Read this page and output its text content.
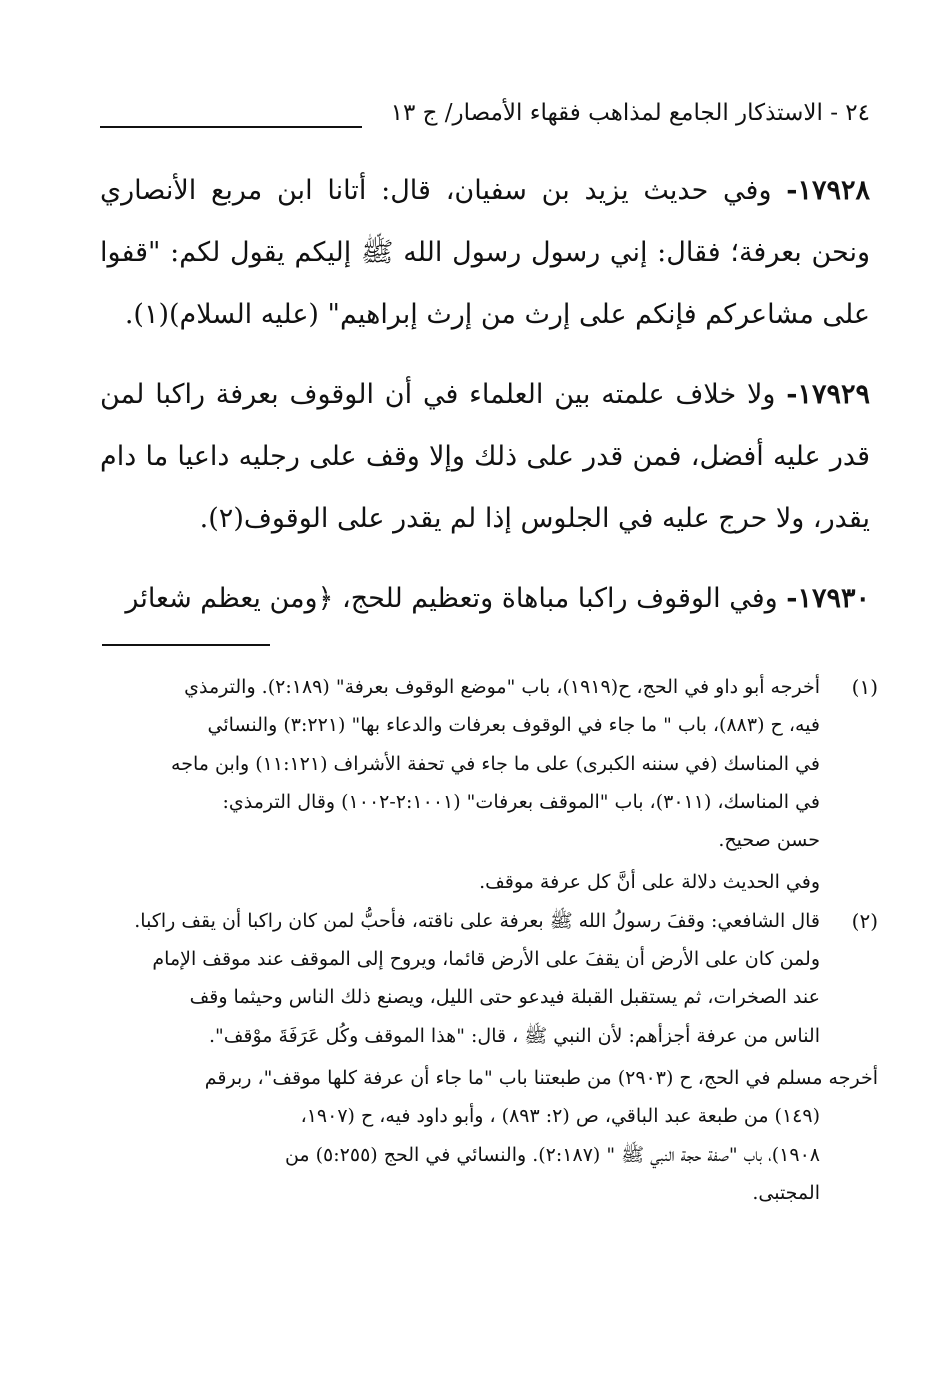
٢٤ - الاستذكار الجامع لمذاهب فقهاء الأمصار/ ج ١٣

١٧٩٢٨- وفي حديث يزيد بن سفيان، قال: أتانا ابن مربع الأنصاري ونحن بعرفة؛ فقال: إني رسول رسول الله ﷺ إليكم يقول لكم: "قفوا على مشاعركم فإنكم على إرث من إرث إبراهيم" (عليه السلام)(١).

١٧٩٢٩- ولا خلاف علمته بين العلماء في أن الوقوف بعرفة راكبا لمن قدر عليه أفضل، فمن قدر على ذلك وإلا وقف على رجليه داعيا ما دام يقدر، ولا حرج عليه في الجلوس إذا لم يقدر على الوقوف(٢).

١٧٩٣٠- وفي الوقوف راكبا مباهاة وتعظيم للحج، ﴿ومن يعظم شعائر

(١)
أخرجه أبو داو في الحج، ح(١٩١٩)، باب "موضع الوقوف بعرفة" (٢:١٨٩). والترمذي
فيه، ح (٨٨٣)، باب " ما جاء في الوقوف بعرفات والدعاء بها" (٣:٢٢١) والنسائي
في المناسك (في سننه الكبرى) على ما جاء في تحفة الأشراف (١١:١٢١) وابن ماجه
في المناسك، (٣٠١١)، باب "الموقف بعرفات" (٢:١٠٠١-١٠٠٢) وقال الترمذي:
حسن صحيح.
وفي الحديث دلالة على أنَّ كل عرفة موقف.
(٢)
قال الشافعي: وقفَ رسولُ الله ﷺ بعرفة على ناقته، فأحبُّ لمن كان راكبا أن يقف راكبا.
ولمن كان على الأرض أن يقفَ على الأرض قائما، ويروح إلى الموقف عند موقف الإمام
عند الصخرات، ثم يستقبل القبلة فيدعو حتى الليل، ويصنع ذلك الناس وحيثما وقف
الناس من عرفة أجزأهم: لأن النبي ﷺ ، قال: "هذا الموقف وكُل عَرَفَةَ موْقف".
أخرجه مسلم في الحج، ح (٢٩٠٣) من طبعتنا باب "ما جاء أن عرفة كلها موقف"، ربرقم
(١٤٩) من طبعة عبد الباقي، ص (٢: ٨٩٣) ، وأبو داود فيه، ح (١٩٠٧،
١٩٠٨)، باب "صفة حجة النبي ﷺ " (٢:١٨٧). والنسائي في الحج (٥:٢٥٥) من
المجتبى.
